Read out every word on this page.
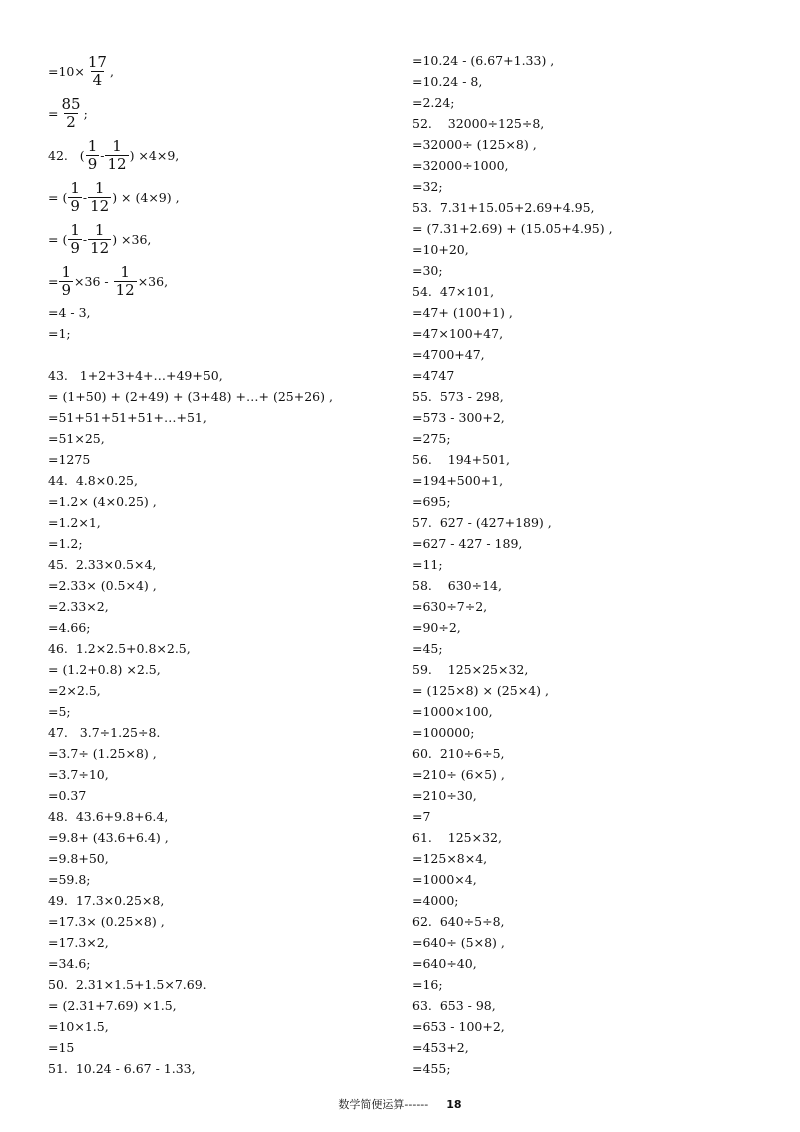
$=10\times \frac{17}{4}$ ,
= $\frac{85}{2}$ ;
42.   ( $\frac{1}{9} - \frac{1}{12}$ ) ×4×9,
= ( $\frac{1}{9} - \frac{1}{12}$ ) × (4×9) ,
= ( $\frac{1}{9} - \frac{1}{12}$ ) ×36,
= $\frac{1}{9} \times 36 - \frac{1}{12} \times 36$,
=4 - 3,
=1;
43.   1+2+3+4+…+49+50,
= (1+50) + (2+49) + (3+48) +…+ (25+26) ,
=51+51+51+51+…+51,
=51×25,
=1275
44.  4.8×0.25,
=1.2× (4×0.25) ,
=1.2×1,
=1.2;
45.  2.33×0.5×4,
=2.33× (0.5×4) ,
=2.33×2,
=4.66;
46.  1.2×2.5+0.8×2.5,
= (1.2+0.8) ×2.5,
=2×2.5,
=5;
47.   3.7÷1.25÷8.
=3.7÷ (1.25×8) ,
=3.7÷10,
=0.37
48.  43.6+9.8+6.4,
=9.8+ (43.6+6.4) ,
=9.8+50,
=59.8;
49.  17.3×0.25×8,
=17.3× (0.25×8) ,
=17.3×2,
=34.6;
50.  2.31×1.5+1.5×7.69.
= (2.31+7.69) ×1.5,
=10×1.5,
=15
51.  10.24 - 6.67 - 1.33,
=10.24 - (6.67+1.33) ,
=10.24 - 8,
=2.24;
52.    32000÷125÷8,
=32000÷ (125×8) ,
=32000÷1000,
=32;
53.  7.31+15.05+2.69+4.95,
= (7.31+2.69) + (15.05+4.95) ,
=10+20,
=30;
54.  47×101,
=47+ (100+1) ,
=47×100+47,
=4700+47,
=4747
55.  573 - 298,
=573 - 300+2,
=275;
56.    194+501,
=194+500+1,
=695;
57.  627 - (427+189) ,
=627 - 427 - 189,
=11;
58.    630÷14,
=630÷7÷2,
=90÷2,
=45;
59.    125×25×32,
= (125×8) × (25×4) ,
=1000×100,
=100000;
60.  210÷6÷5,
=210÷ (6×5) ,
=210÷30,
=7
61.    125×32,
=125×8×4,
=1000×4,
=4000;
62.  640÷5÷8,
=640÷ (5×8) ,
=640÷40,
=16;
63.  653 - 98,
=653 - 100+2,
=453+2,
=455;
数学简便运算------ 18
